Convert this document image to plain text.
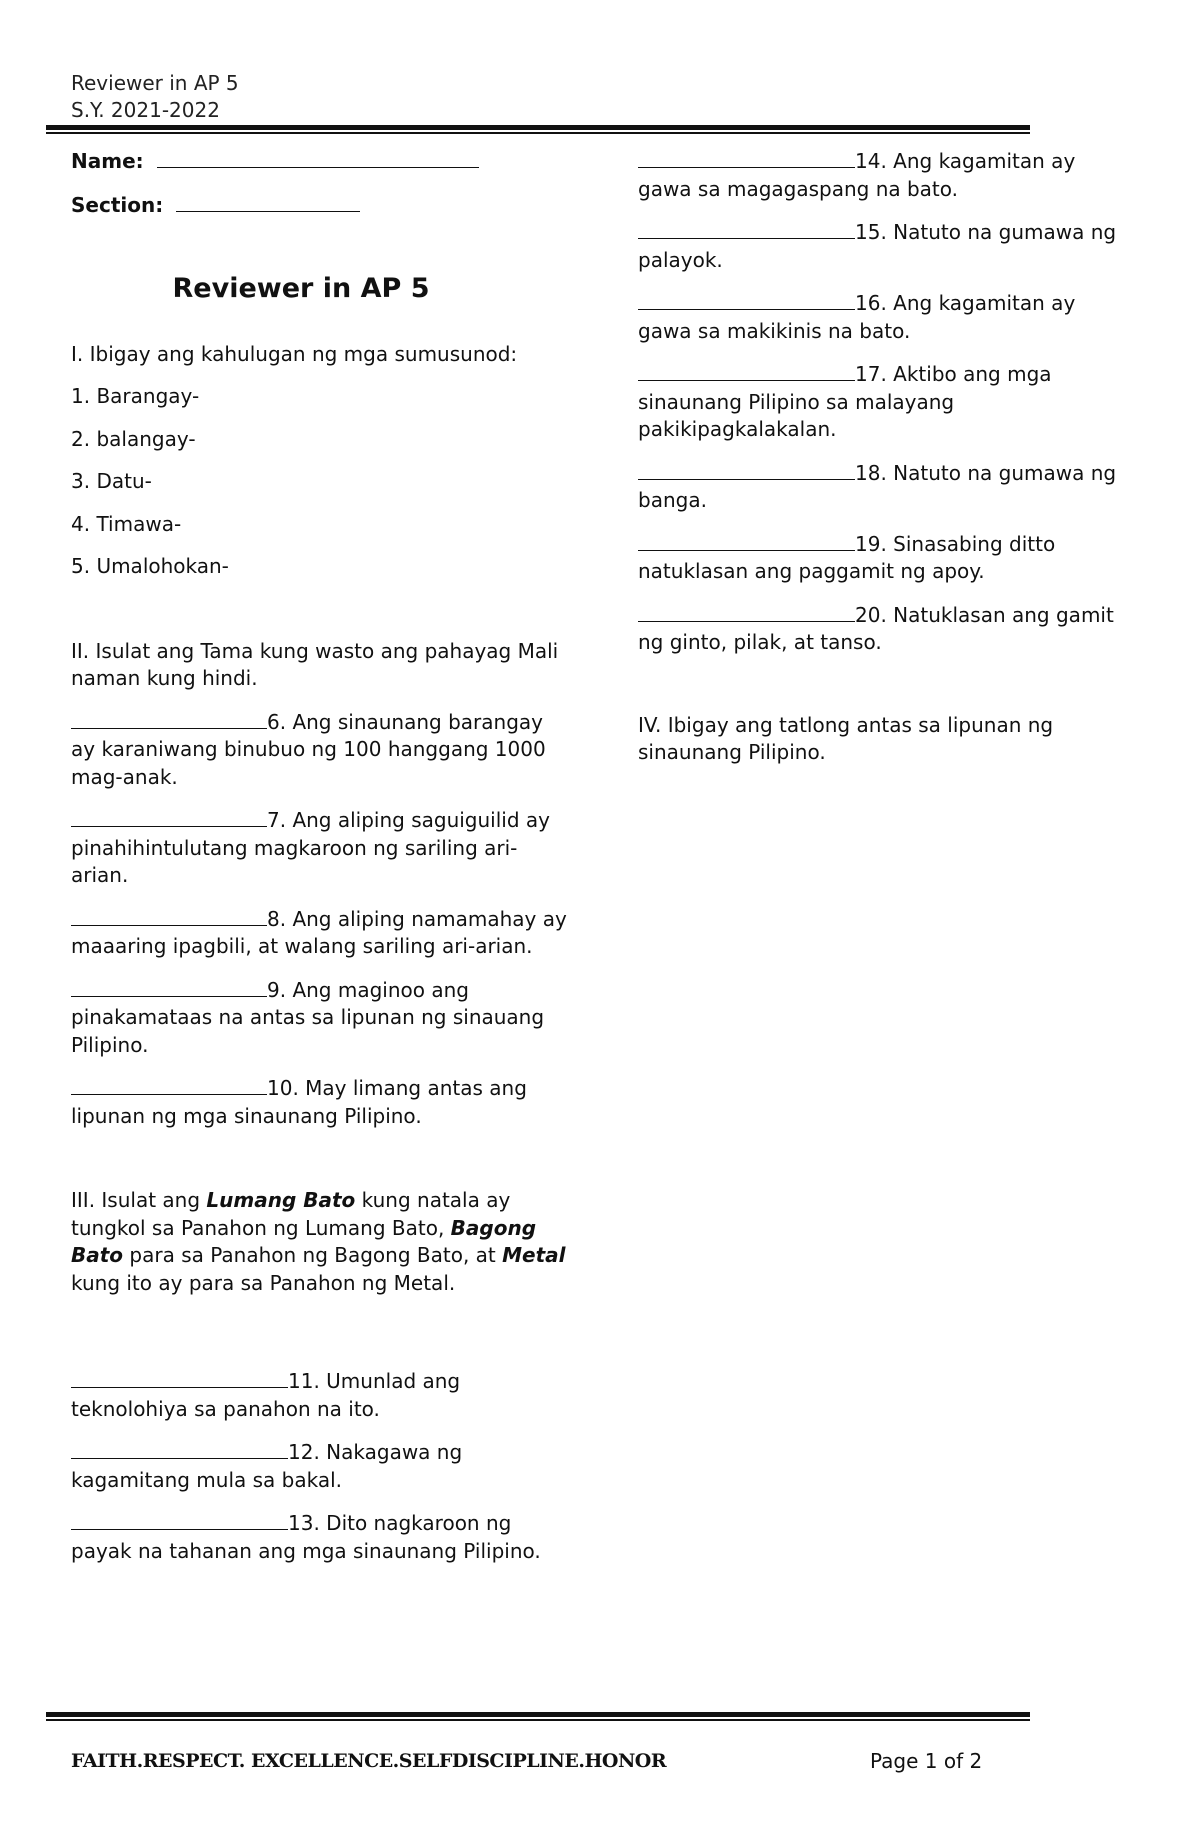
Reviewer in AP 5
S.Y. 2021-2022
Name:
Section:
Reviewer in AP 5

I. Ibigay ang kahulugan ng mga sumusunod:

1. Barangay-
2. balangay-
3. Datu-
4. Timawa-
5. Umalohokan-

II. Isulat ang Tama kung wasto ang pahayag Mali naman kung hindi.

6. Ang sinaunang barangay ay karaniwang binubuo ng 100 hanggang 1000 mag-anak.
7. Ang aliping saguiguilid ay pinahihintulutang magkaroon ng sariling ari-arian.
8. Ang aliping namamahay ay maaaring ipagbili, at walang sariling ari-arian.
9. Ang maginoo ang pinakamataas na antas sa lipunan ng sinauang Pilipino.
10. May limang antas ang lipunan ng mga sinaunang Pilipino.

III. Isulat ang Lumang Bato kung natala ay tungkol sa Panahon ng Lumang Bato, Bagong Bato para sa Panahon ng Bagong Bato, at Metal kung ito ay para sa Panahon ng Metal.

11. Umunlad ang teknolohiya sa panahon na ito.
12. Nakagawa ng kagamitang mula sa bakal.
13. Dito nagkaroon ng payak na tahanan ang mga sinaunang Pilipino.
14. Ang kagamitan ay gawa sa magagaspang na bato.
15. Natuto na gumawa ng palayok.
16. Ang kagamitan ay gawa sa makikinis na bato.
17. Aktibo ang mga sinaunang Pilipino sa malayang pakikipagkalakalan.
18. Natuto na gumawa ng banga.
19. Sinasabing ditto natuklasan ang paggamit ng apoy.
20. Natuklasan ang gamit ng ginto, pilak, at tanso.

IV. Ibigay ang tatlong antas sa lipunan ng sinaunang Pilipino.

FAITH.RESPECT. EXCELLENCE.SELFDISCIPLINE.HONOR	Page 1 of 2
